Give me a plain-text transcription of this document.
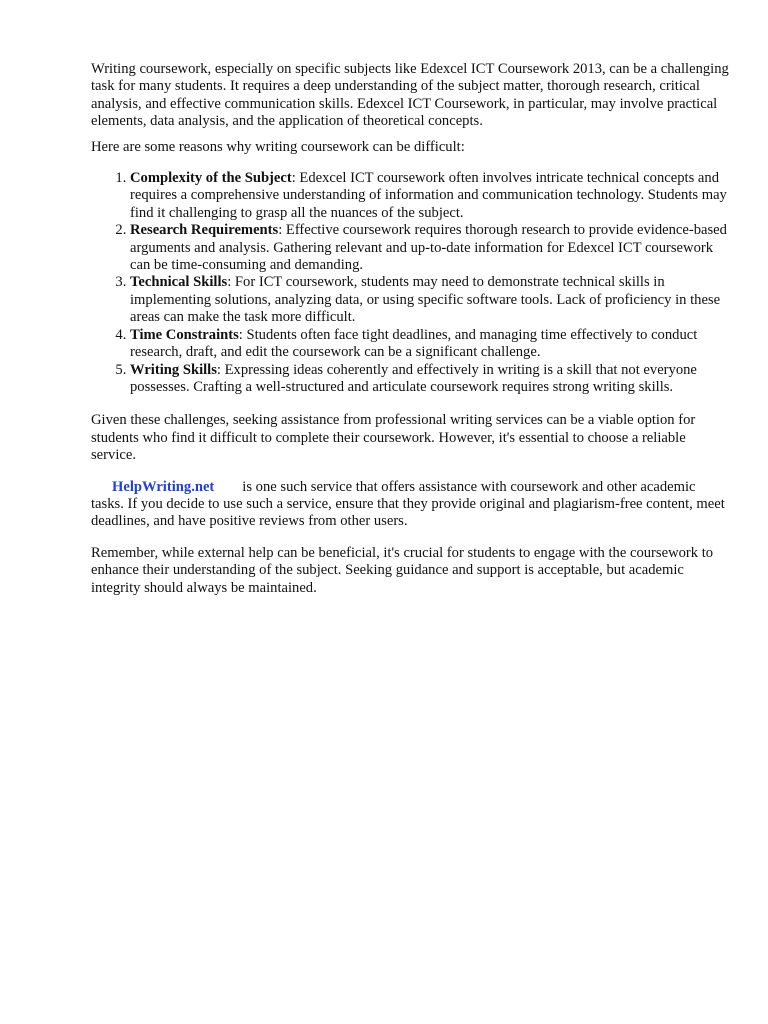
Writing coursework, especially on specific subjects like Edexcel ICT Coursework 2013, can be a challenging task for many students. It requires a deep understanding of the subject matter, thorough research, critical analysis, and effective communication skills. Edexcel ICT Coursework, in particular, may involve practical elements, data analysis, and the application of theoretical concepts.

Here are some reasons why writing coursework can be difficult:

1. Complexity of the Subject: Edexcel ICT coursework often involves intricate technical concepts and requires a comprehensive understanding of information and communication technology. Students may find it challenging to grasp all the nuances of the subject.
2. Research Requirements: Effective coursework requires thorough research to provide evidence-based arguments and analysis. Gathering relevant and up-to-date information for Edexcel ICT coursework can be time-consuming and demanding.
3. Technical Skills: For ICT coursework, students may need to demonstrate technical skills in implementing solutions, analyzing data, or using specific software tools. Lack of proficiency in these areas can make the task more difficult.
4. Time Constraints: Students often face tight deadlines, and managing time effectively to conduct research, draft, and edit the coursework can be a significant challenge.
5. Writing Skills: Expressing ideas coherently and effectively in writing is a skill that not everyone possesses. Crafting a well-structured and articulate coursework requires strong writing skills.

Given these challenges, seeking assistance from professional writing services can be a viable option for students who find it difficult to complete their coursework. However, it's essential to choose a reliable service.

HelpWriting.net is one such service that offers assistance with coursework and other academic tasks. If you decide to use such a service, ensure that they provide original and plagiarism-free content, meet deadlines, and have positive reviews from other users.

Remember, while external help can be beneficial, it's crucial for students to engage with the coursework to enhance their understanding of the subject. Seeking guidance and support is acceptable, but academic integrity should always be maintained.
